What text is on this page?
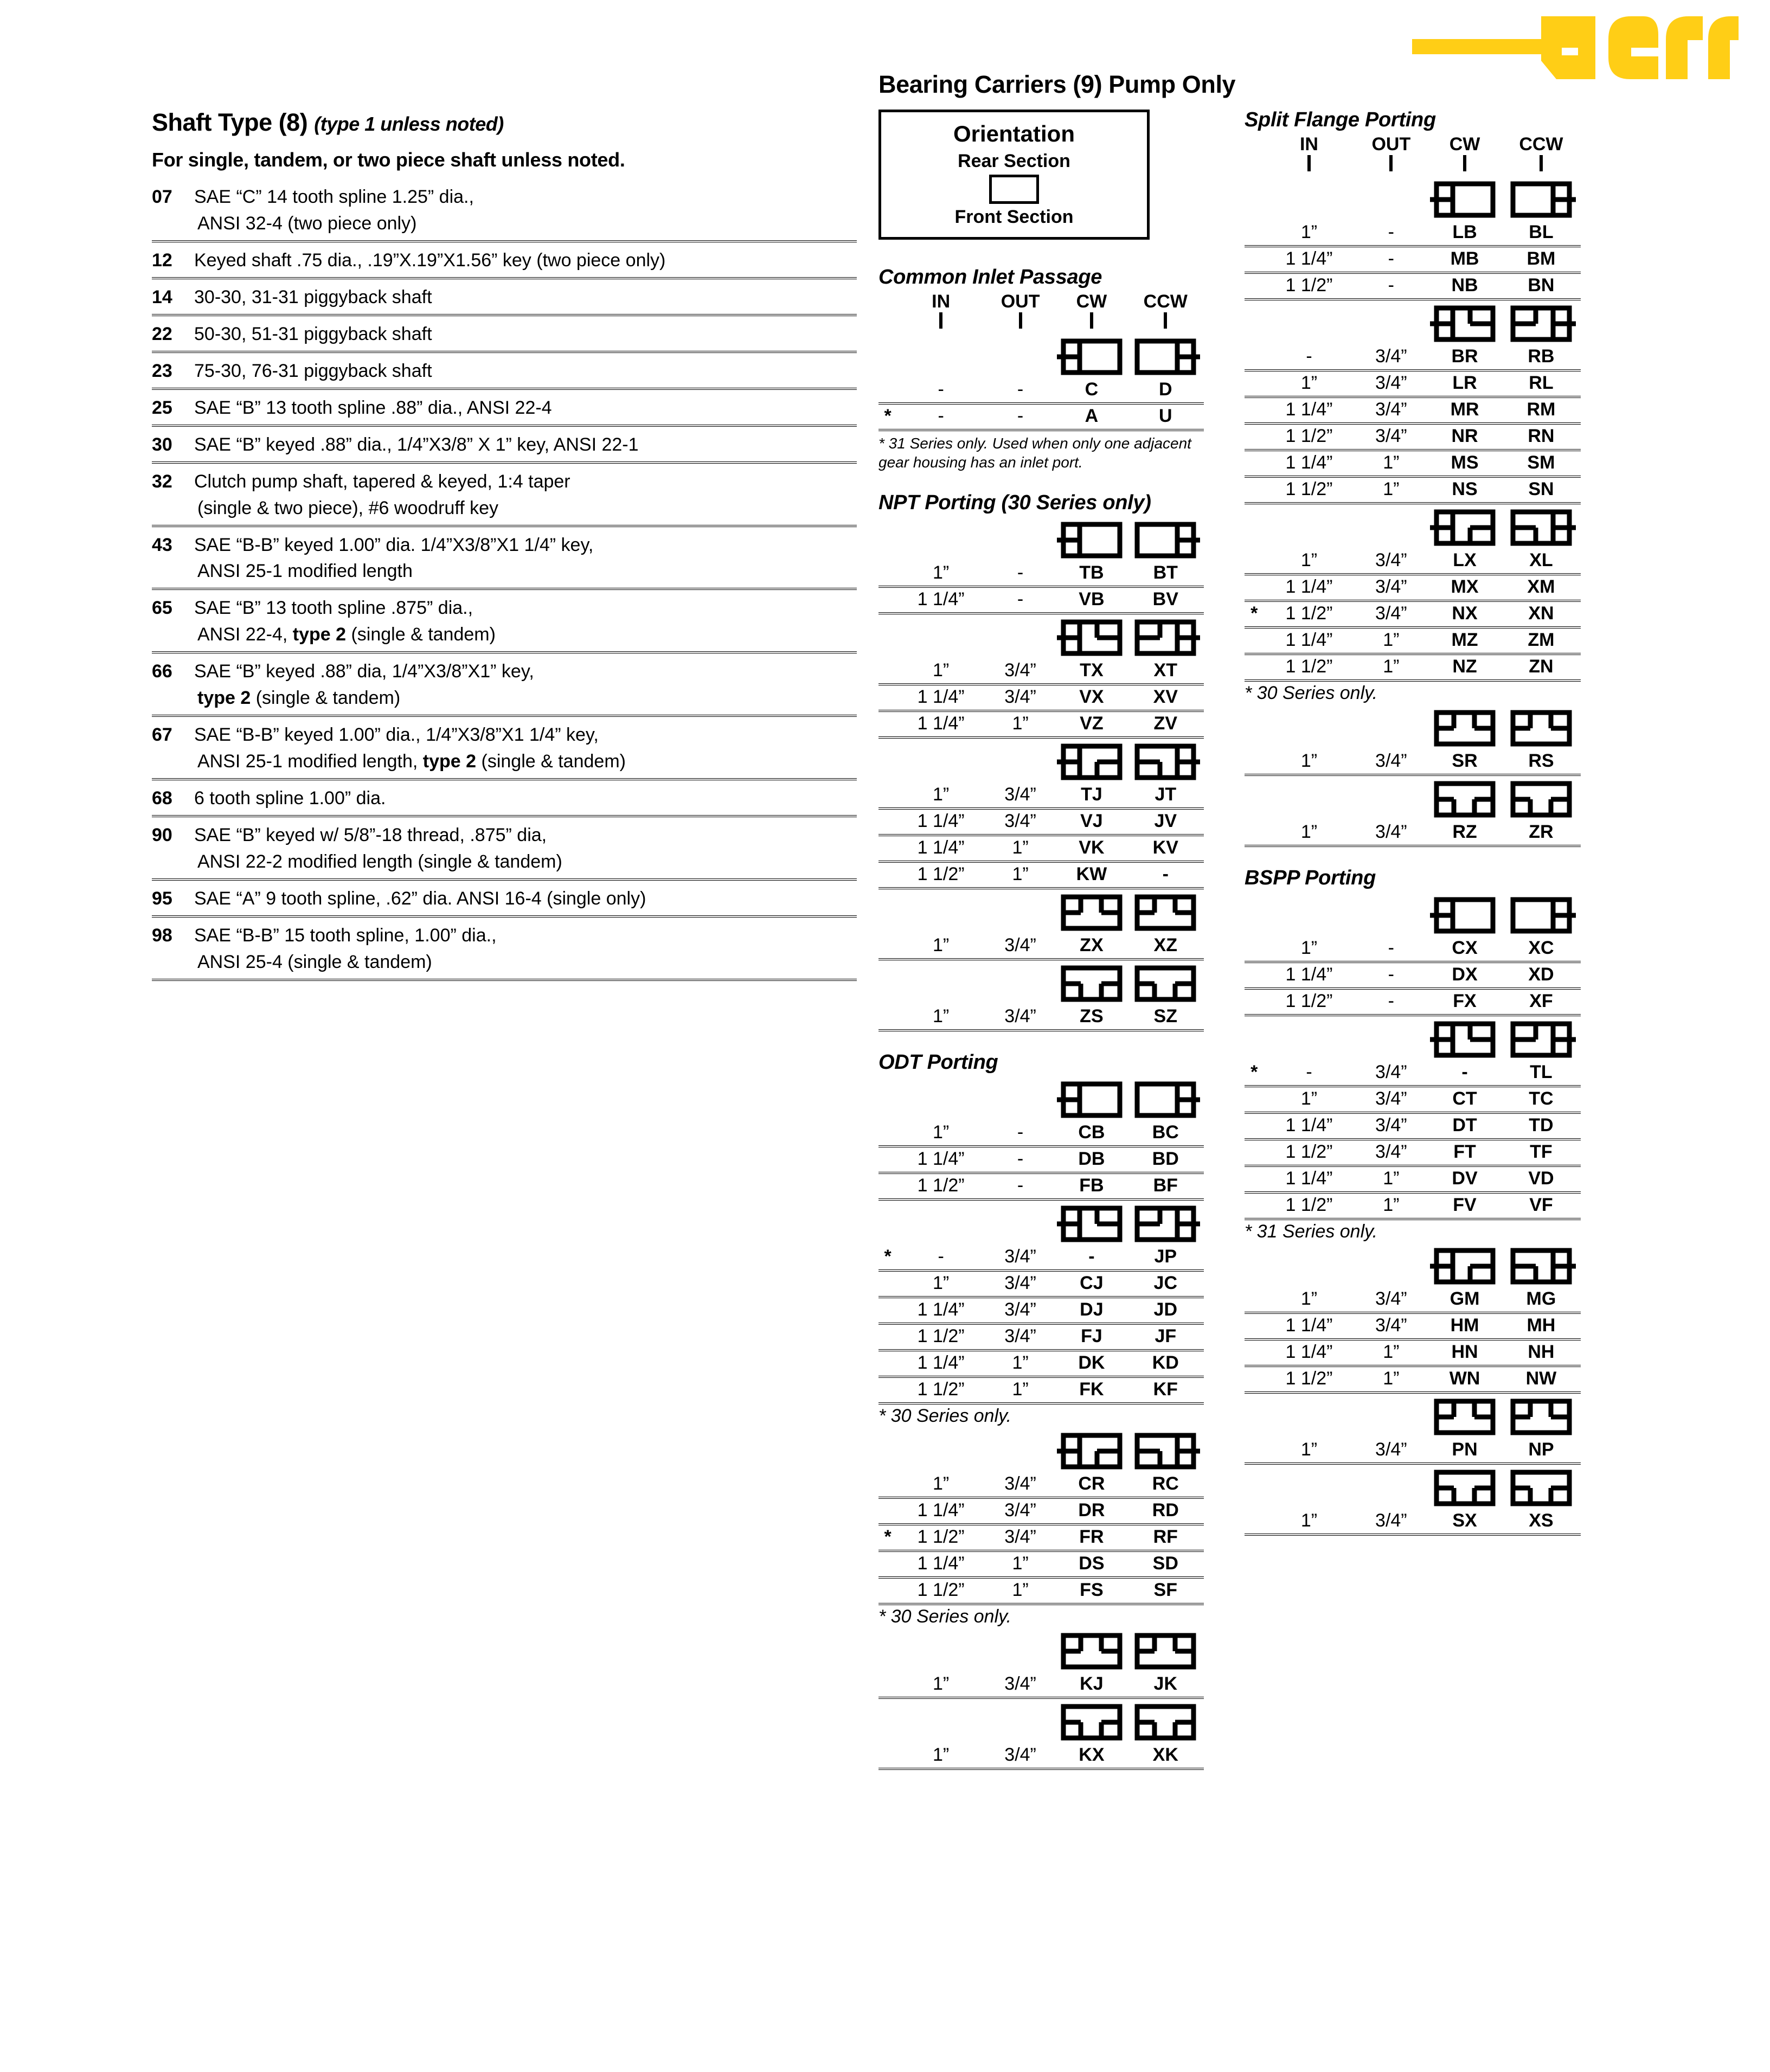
Shaft Type (8) (type 1 unless noted)
For single, tandem, or two piece shaft unless noted.
07	SAE “C” 14 tooth spline 1.25” dia.,
ANSI 32-4 (two piece only)

12	Keyed shaft .75 dia., .19”X.19”X1.56” key (two piece only)
14	30-30, 31-31 piggyback shaft
22	50-30, 51-31 piggyback shaft
23	75-30, 76-31 piggyback shaft
25	SAE “B” 13 tooth spline .88” dia., ANSI 22-4
30	SAE “B” keyed .88” dia., 1/4”X3/8” X 1” key, ANSI 22-1
32	Clutch pump shaft, tapered & keyed, 1:4 taper
(single & two piece), #6 woodruff key

43	SAE “B-B” keyed 1.00” dia. 1/4”X3/8”X1 1/4” key,
ANSI 25-1 modified length

65	SAE “B” 13 tooth spline .875” dia.,
ANSI 22-4, type 2 (single & tandem)

66	SAE “B” keyed .88” dia, 1/4”X3/8”X1” key,
type 2 (single & tandem)

67	SAE “B-B” keyed 1.00” dia., 1/4”X3/8”X1 1/4” key,
ANSI 25-1 modified length, type 2 (single & tandem)

68	6 tooth spline 1.00” dia.
90	SAE “B” keyed w/ 5/8”-18 thread, .875” dia,
ANSI 22-2 modified length (single & tandem)

95	SAE “A” 9 tooth spline, .62” dia. ANSI 16-4 (single only)
98	SAE “B-B” 15 tooth spline, 1.00” dia.,
ANSI 25-4 (single & tandem)
Bearing Carriers (9) Pump Only
Orientation
Rear Section
Front Section
Common Inlet Passage
	IN	OUT	CW	CCW

	-	-	C	D
*	-	-	A	U
* 31 Series only. Used when only one adjacent gear housing has an inlet port.
NPT Porting (30 Series only)

	1”	-	TB	BT
	1 1/4”	-	VB	BV

	1”	3/4”	TX	XT
	1 1/4”	3/4”	VX	XV
	1 1/4”	1”	VZ	ZV

	1”	3/4”	TJ	JT
	1 1/4”	3/4”	VJ	JV
	1 1/4”	1”	VK	KV
	1 1/2”	1”	KW	-

	1”	3/4”	ZX	XZ

	1”	3/4”	ZS	SZ
ODT Porting

	1”	-	CB	BC
	1 1/4”	-	DB	BD
	1 1/2”	-	FB	BF

*	-	3/4”	-	JP
	1”	3/4”	CJ	JC
	1 1/4”	3/4”	DJ	JD
	1 1/2”	3/4”	FJ	JF
	1 1/4”	1”	DK	KD
	1 1/2”	1”	FK	KF
* 30 Series only.				

	1”	3/4”	CR	RC
	1 1/4”	3/4”	DR	RD
*	1 1/2”	3/4”	FR	RF
	1 1/4”	1”	DS	SD
	1 1/2”	1”	FS	SF
* 30 Series only.				

	1”	3/4”	KJ	JK

	1”	3/4”	KX	XK
Split Flange Porting
	IN	OUT	CW	CCW

	1”	-	LB	BL
	1 1/4”	-	MB	BM
	1 1/2”	-	NB	BN

	-	3/4”	BR	RB
	1”	3/4”	LR	RL
	1 1/4”	3/4”	MR	RM
	1 1/2”	3/4”	NR	RN
	1 1/4”	1”	MS	SM
	1 1/2”	1”	NS	SN

	1”	3/4”	LX	XL
	1 1/4”	3/4”	MX	XM
*	1 1/2”	3/4”	NX	XN
	1 1/4”	1”	MZ	ZM
	1 1/2”	1”	NZ	ZN
* 30 Series only.				

	1”	3/4”	SR	RS

	1”	3/4”	RZ	ZR
BSPP Porting

	1”	-	CX	XC
	1 1/4”	-	DX	XD
	1 1/2”	-	FX	XF

*	-	3/4”	-	TL
	1”	3/4”	CT	TC
	1 1/4”	3/4”	DT	TD
	1 1/2”	3/4”	FT	TF
	1 1/4”	1”	DV	VD
	1 1/2”	1”	FV	VF
* 31 Series only.				

	1”	3/4”	GM	MG
	1 1/4”	3/4”	HM	MH
	1 1/4”	1”	HN	NH
	1 1/2”	1”	WN	NW

	1”	3/4”	PN	NP

	1”	3/4”	SX	XS
